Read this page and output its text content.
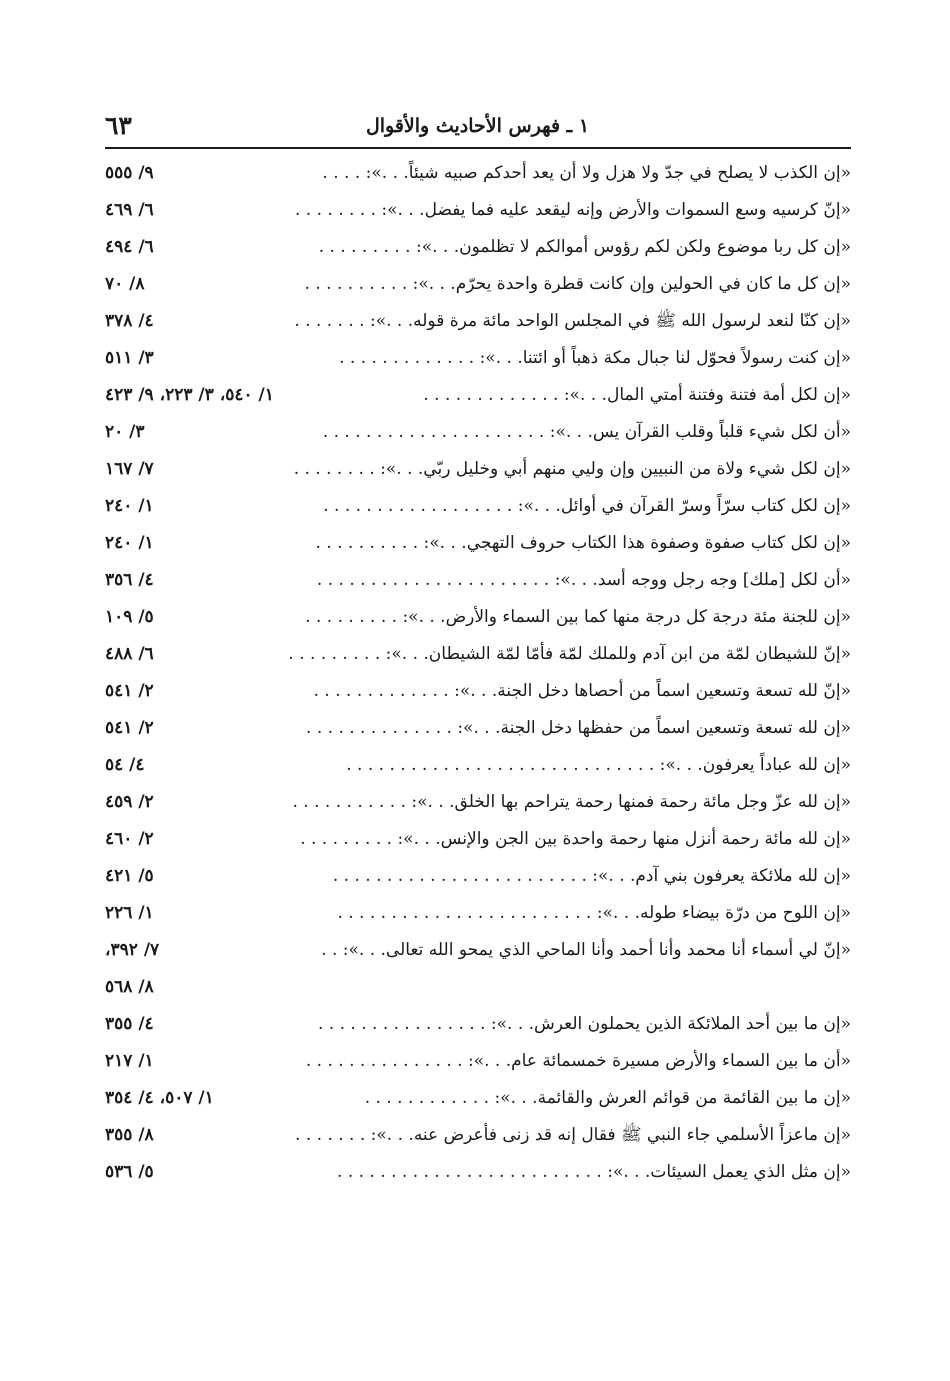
١ ـ فهرس الأحاديث والأقوال
٦٣
«إن الكذب لا يصلح في جدّ ولا هزل ولا أن يعد أحدكم صبيه شيئاً. . .»: . . . .
٩/ ٥٥٥
«إنّ كرسيه وسع السموات والأرض وإنه ليقعد عليه فما يفضل. . .»: . . . . . . . .
٦/ ٤٦٩
«إن كل ربا موضوع ولكن لكم رؤوس أموالكم لا تظلمون. . .»: . . . . . . . . .
٦/ ٤٩٤
«إن كل ما كان في الحولين وإن كانت قطرة واحدة يحرّم. . .»: . . . . . . . . . .
٨/ ٧٠
«إن كنّا لنعد لرسول الله ﷺ في المجلس الواحد مائة مرة قوله. . .»: . . . . . . .
٤/ ٣٧٨
«إن كنت رسولاً فحوّل لنا جبال مكة ذهباً أو ائتنا. . .»: . . . . . . . . . . . . .
٣/ ٥١١
«إن لكل أمة فتنة وفتنة أمتي المال. . .»: . . . . . . . . . . . . .
١/ ٥٤٠، ٣/ ٢٢٣، ٩/ ٤٢٣
«أن لكل شيء قلباً وقلب القرآن يس. . .»: . . . . . . . . . . . . . . . . . . . . .
٣/ ٢٠
«إن لكل شيء ولاة من النبيين وإن وليي منهم أبي وخليل ربّي. . .»: . . . . . . . .
٧/ ١٦٧
«إن لكل كتاب سرّاً وسرّ القرآن في أوائل. . .»: . . . . . . . . . . . . . . . . . .
١/ ٢٤٠
«إن لكل كتاب صفوة وصفوة هذا الكتاب حروف التهجي. . .»: . . . . . . . . . .
١/ ٢٤٠
«أن لكل [ملك] وجه رجل ووجه أسد. . .»: . . . . . . . . . . . . . . . . . . . . . .
٤/ ٣٥٦
«إن للجنة مئة درجة كل درجة منها كما بين السماء والأرض. . .»: . . . . . . . . .
٥/ ١٠٩
«إنّ للشيطان لمّة من ابن آدم وللملك لمّة فأمّا لمّة الشيطان. . .»: . . . . . . . . .
٦/ ٤٨٨
«إنّ لله تسعة وتسعين اسماً من أحصاها دخل الجنة. . .»: . . . . . . . . . . . . .
٢/ ٥٤١
«إن لله تسعة وتسعين اسماً من حفظها دخل الجنة. . .»: . . . . . . . . . . . . . .
٢/ ٥٤١
«إن لله عباداً يعرفون. . .»: . . . . . . . . . . . . . . . . . . . . . . . . . . . . .
٤/ ٥٤
«إن لله عزّ وجل مائة رحمة فمنها رحمة يتراحم بها الخلق. . .»: . . . . . . . . . . .
٢/ ٤٥٩
«إن لله مائة رحمة أنزل منها رحمة واحدة بين الجن والإنس. . .»: . . . . . . . . .
٢/ ٤٦٠
«إن لله ملائكة يعرفون بني آدم. . .»: . . . . . . . . . . . . . . . . . . . . . . . .
٥/ ٤٢١
«إن اللوح من درّة بيضاء طوله. . .»: . . . . . . . . . . . . . . . . . . . . . . . .
١/ ٢٢٦
«إنّ لي أسماء أنا محمد وأنا أحمد وأنا الماحي الذي يمحو الله تعالى. . .»: . .
٧/ ٣٩٢،
٨/ ٥٦٨
«إن ما بين أحد الملائكة الذين يحملون العرش. . .»: . . . . . . . . . . . . . . . .
٤/ ٣٥٥
«أن ما بين السماء والأرض مسيرة خمسمائة عام. . .»: . . . . . . . . . . . . . . .
١/ ٢١٧
«إن ما بين القائمة من قوائم العرش والقائمة. . .»: . . . . . . . . . . . .
١/ ٥٠٧، ٤/ ٣٥٤
«إن ماعزاً الأسلمي جاء النبي ﷺ فقال إنه قد زنى فأعرض عنه. . .»: . . . . . . .
٨/ ٣٥٥
«إن مثل الذي يعمل السيئات. . .»: . . . . . . . . . . . . . . . . . . . . . . . . .
٥/ ٥٣٦
